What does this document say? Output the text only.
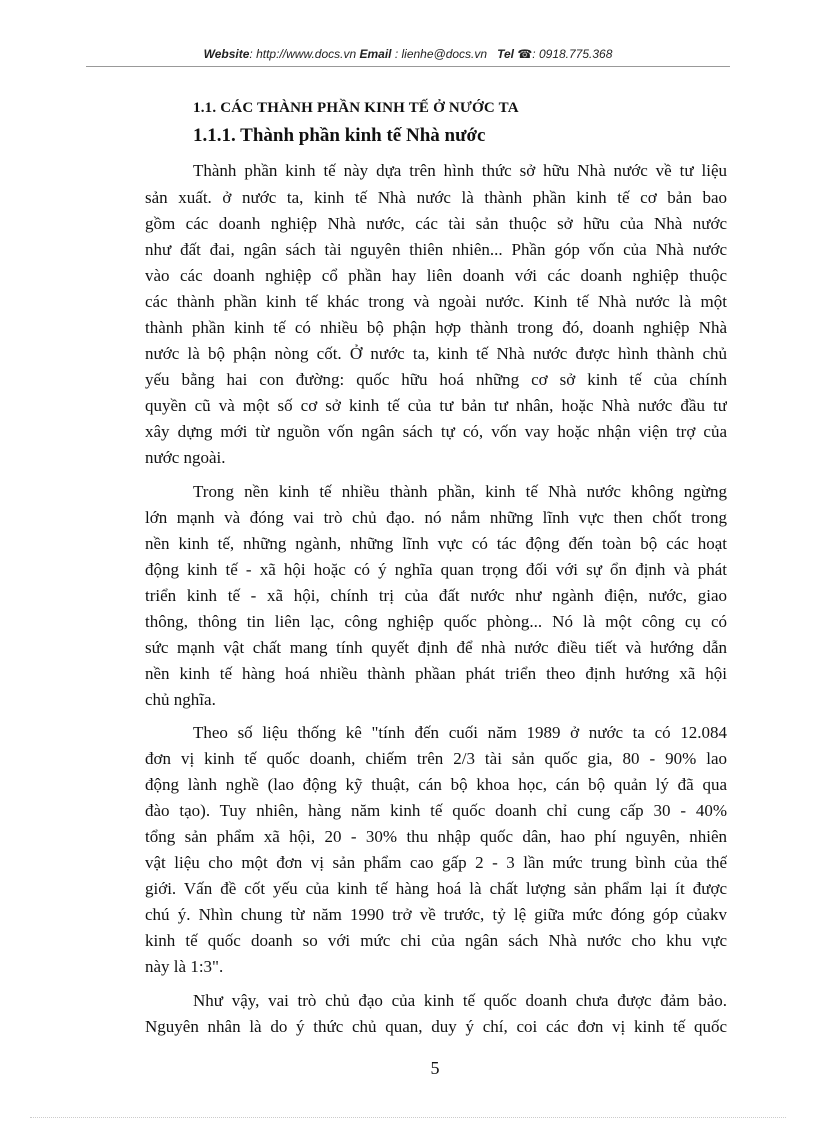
Website: http://www.docs.vn Email : lienhe@docs.vn Tel ☎: 0918.775.368
1.1. CÁC THÀNH PHẦN KINH TẾ Ở NƯỚC TA
1.1.1. Thành phần kinh tế Nhà nước
Thành phần kinh tế này dựa trên hình thức sở hữu Nhà nước về tư liệu
sản xuất. ở nước ta, kinh tế Nhà nước là thành phần kinh tế cơ bản bao
gồm các doanh nghiệp Nhà nước, các tài sản thuộc sở hữu của Nhà nước
như đất đai, ngân sách tài nguyên thiên nhiên... Phần góp vốn của Nhà nước
vào các doanh nghiệp cổ phần hay liên doanh với các doanh nghiệp thuộc
các thành phần kinh tế khác trong và ngoài nước. Kinh tế Nhà nước là một
thành phần kinh tế có nhiều bộ phận hợp thành trong đó, doanh nghiệp Nhà
nước là bộ phận nòng cốt. Ở nước ta, kinh tế Nhà nước được hình thành chủ
yếu bằng hai con đường: quốc hữu hoá những cơ sở kinh tế của chính
quyền cũ và một số cơ sở kinh tế của tư bản tư nhân, hoặc Nhà nước đầu tư
xây dựng mới từ nguồn vốn ngân sách tự có, vốn vay hoặc nhận viện trợ của
nước ngoài.
Trong nền kinh tế nhiều thành phần, kinh tế Nhà nước không ngừng
lớn mạnh và đóng vai trò chủ đạo. nó nắm những lĩnh vực then chốt trong
nền kinh tế, những ngành, những lĩnh vực có tác động đến toàn bộ các hoạt
động kinh tế - xã hội hoặc có ý nghĩa quan trọng đối với sự ổn định và phát
triển kinh tế - xã hội, chính trị của đất nước như ngành điện, nước, giao
thông, thông tin liên lạc, công nghiệp quốc phòng... Nó là một công cụ có
sức mạnh vật chất mang tính quyết định để nhà nước điều tiết và hướng dẫn
nền kinh tế hàng hoá nhiều thành phầan phát triển theo định hướng xã hội
chủ nghĩa.
Theo số liệu thống kê "tính đến cuối năm 1989 ở nước ta có 12.084
đơn vị kinh tế quốc doanh, chiếm trên 2/3 tài sản quốc gia, 80 - 90% lao
động lành nghề (lao động kỹ thuật, cán bộ khoa học, cán bộ quản lý đã qua
đào tạo). Tuy nhiên, hàng năm kinh tế quốc doanh chỉ cung cấp 30 - 40%
tổng sản phẩm xã hội, 20 - 30% thu nhập quốc dân, hao phí nguyên, nhiên
vật liệu cho một đơn vị sản phẩm cao gấp 2 - 3 lần mức trung bình của thế
giới. Vấn đề cốt yếu của kinh tế hàng hoá là chất lượng sản phẩm lại ít được
chú ý. Nhìn chung từ năm 1990 trở về trước, tỷ lệ giữa mức đóng góp củakv
kinh tế quốc doanh so với mức chi của ngân sách Nhà nước cho khu vực
này là 1:3".
Như vậy, vai trò chủ đạo của kinh tế quốc doanh chưa được đảm bảo.
Nguyên nhân là do ý thức chủ quan, duy ý chí, coi các đơn vị kinh tế quốc
5
